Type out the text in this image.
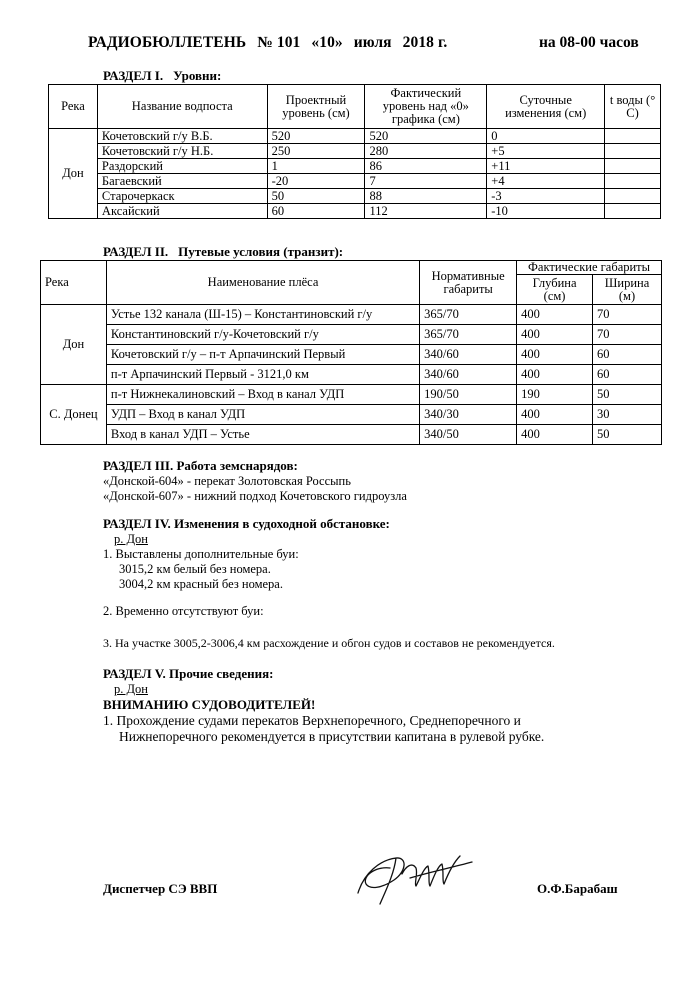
РАДИОБЮЛЛЕТЕНЬ № 101 «10» июля 2018 г.	на 08-00 часов
РАЗДЕЛ I. Уровни:
Река	Название водпоста	Проектный уровень (см)	Фактический уровень над «0» графика (см)	Суточные изменения (см)	t воды (° С)
Дон	Кочетовский г/у В.Б.	520	520	0	
	Кочетовский г/у Н.Б.	250	280	+5	
	Раздорский	1	86	+11	
	Багаевский	-20	7	+4	
	Старочеркаск	50	88	-3	
	Аксайский	60	112	-10	
РАЗДЕЛ II. Путевые условия (транзит):
Река	Наименование плёса	Нормативные габариты	Фактические габариты	
			Глубина (см)	Ширина (м)
Дон	Устье 132 канала (Ш-15) – Константиновский г/у	365/70	400	70
	Константиновский г/у-Кочетовский г/у	365/70	400	70
	Кочетовский г/у – п-т Арпачинский Первый	340/60	400	60
	п-т Арпачинский Первый - 3121,0 км	340/60	400	60
С. Донец	п-т Нижнекалиновский – Вход в канал УДП	190/50	190	50
	УДП – Вход в канал УДП	340/30	400	30
	Вход в канал УДП – Устье	340/50	400	50
РАЗДЕЛ III. Работа земснарядов:
«Донской-604» - перекат Золотовская Россыпь
«Донской-607» - нижний подход Кочетовского гидроузла
РАЗДЕЛ IV. Изменения в судоходной обстановке:
р. Дон
1. Выставлены дополнительные буи:
3015,2 км белый без номера.
3004,2 км красный без номера.
2. Временно отсутствуют буи:
3. На участке 3005,2-3006,4 км расхождение и обгон судов и составов не рекомендуется.
РАЗДЕЛ V. Прочие сведения:
р. Дон
ВНИМАНИЮ СУДОВОДИТЕЛЕЙ!
1. Прохождение судами перекатов Верхнепоречного, Среднепоречного и
Нижнепоречного рекомендуется в присутствии капитана в рулевой рубке.
Диспетчер СЭ ВВП	О.Ф.Барабаш
